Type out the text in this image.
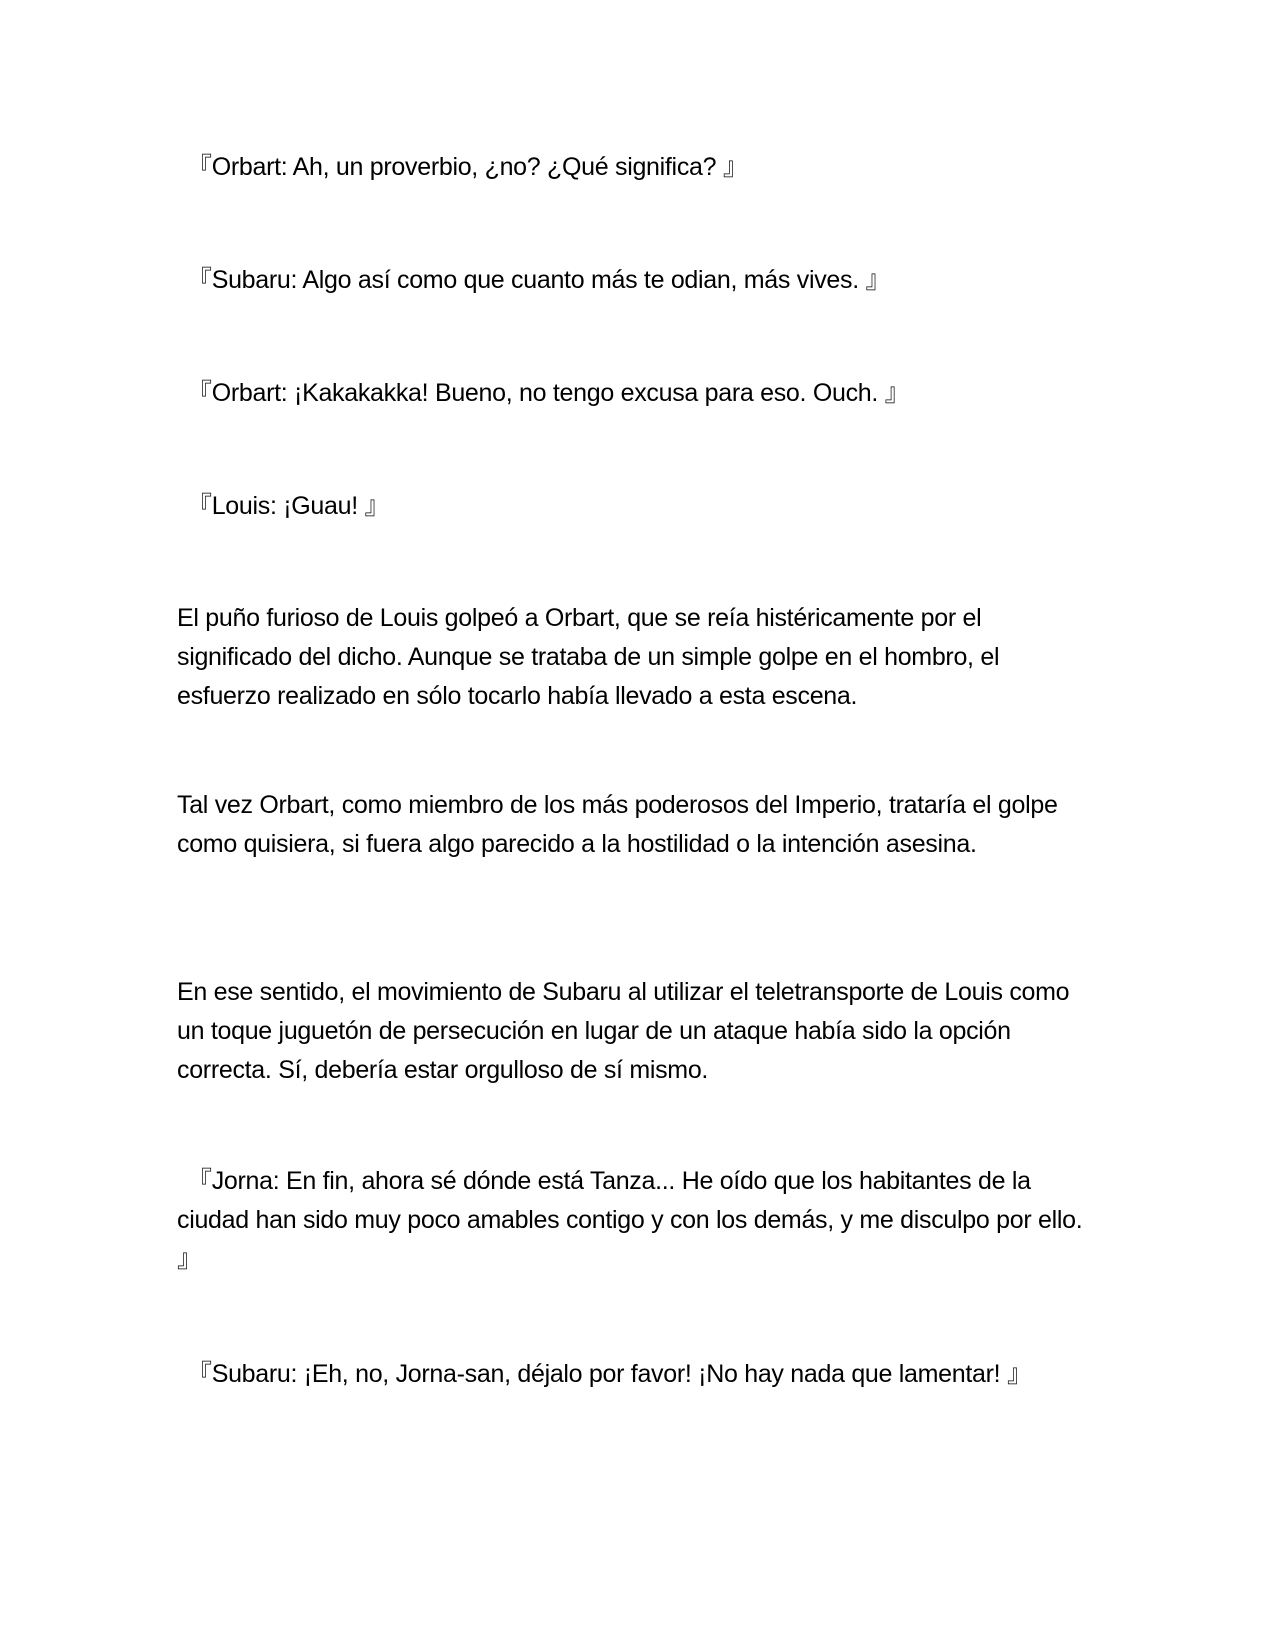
『Orbart: Ah, un proverbio, ¿no? ¿Qué significa? 』

『Subaru: Algo así como que cuanto más te odian, más vives. 』

『Orbart: ¡Kakakakka! Bueno, no tengo excusa para eso. Ouch. 』

『Louis: ¡Guau! 』

El puño furioso de Louis golpeó a Orbart, que se reía histéricamente por el significado del dicho. Aunque se trataba de un simple golpe en el hombro, el esfuerzo realizado en sólo tocarlo había llevado a esta escena.

Tal vez Orbart, como miembro de los más poderosos del Imperio, trataría el golpe como quisiera, si fuera algo parecido a la hostilidad o la intención asesina.

En ese sentido, el movimiento de Subaru al utilizar el teletransporte de Louis como un toque juguetón de persecución en lugar de un ataque había sido la opción correcta. Sí, debería estar orgulloso de sí mismo.

『Jorna: En fin, ahora sé dónde está Tanza... He oído que los habitantes de la ciudad han sido muy poco amables contigo y con los demás, y me disculpo por ello. 』

『Subaru: ¡Eh, no, Jorna-san, déjalo por favor! ¡No hay nada que lamentar! 』
